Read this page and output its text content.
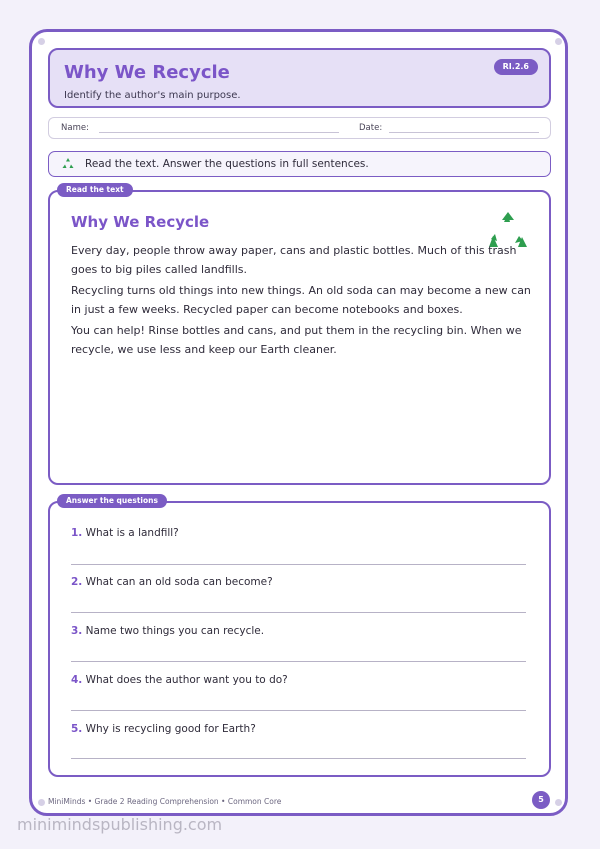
Why We Recycle
Identify the author's main purpose.
RI.2.6
Name:	Date:
Read the text. Answer the questions in full sentences.
Why We Recycle

Every day, people throw away paper, cans and plastic bottles. Much of this trash goes to big piles called landfills.

Recycling turns old things into new things. An old soda can may become a new can in just a few weeks. Recycled paper can become notebooks and boxes.

You can help! Rinse bottles and cans, and put them in the recycling bin. When we recycle, we use less and keep our Earth cleaner.

Read the text
1. What is a landfill?
2. What can an old soda can become?
3. Name two things you can recycle.
4. What does the author want you to do?
5. Why is recycling good for Earth?
Answer the questions
MiniMinds • Grade 2 Reading Comprehension • Common Core	5
minimindspublishing.com
